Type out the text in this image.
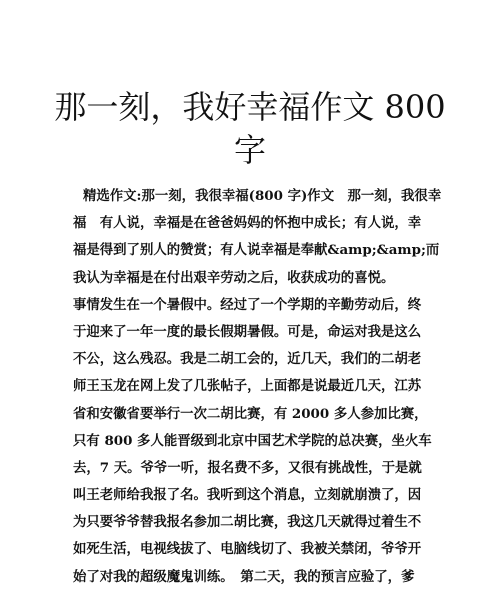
那一刻，我好幸福作文 800
字
精选作文:那一刻，我很幸福(800 字)作文　那一刻，我很幸
福　有人说，幸福是在爸爸妈妈的怀抱中成长；有人说，幸
福是得到了别人的赞赏；有人说幸福是奉献&amp;&amp;而
我认为幸福是在付出艰辛劳动之后，收获成功的喜悦。
事情发生在一个暑假中。经过了一个学期的辛勤劳动后，终
于迎来了一年一度的最长假期暑假。可是，命运对我是这么
不公，这么残忍。我是二胡工会的，近几天，我们的二胡老
师王玉龙在网上发了几张帖子，上面都是说最近几天，江苏
省和安徽省要举行一次二胡比赛，有 2000 多人参加比赛，
只有 800 多人能晋级到北京中国艺术学院的总决赛，坐火车
去，7 天。爷爷一听，报名费不多，又很有挑战性，于是就
叫王老师给我报了名。我听到这个消息，立刻就崩溃了，因
为只要爷爷替我报名参加二胡比赛，我这几天就得过着生不
如死生活，电视线拔了、电脑线切了、我被关禁闭，爷爷开
始了对我的超级魔鬼训练。　第二天，我的预言应验了，爹
